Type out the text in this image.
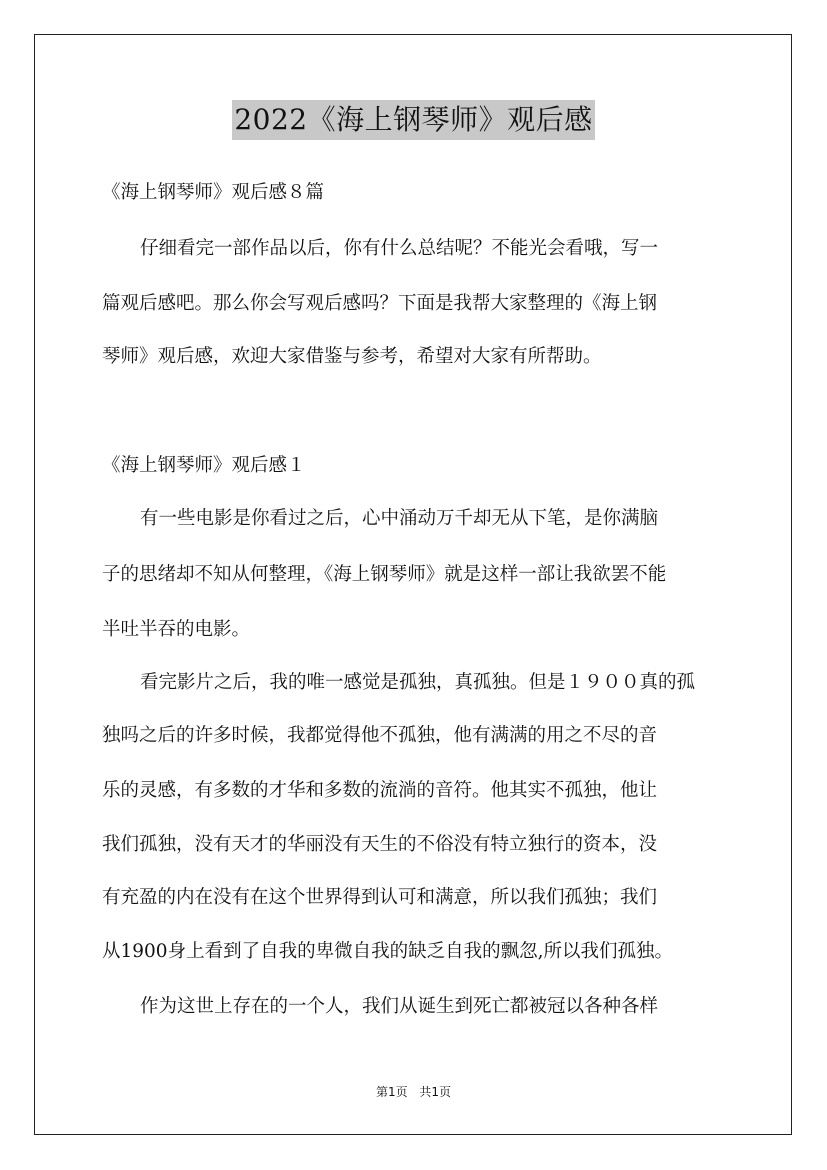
2022《海上钢琴师》观后感
《海上钢琴师》观后感８篇
仔细看完一部作品以后，你有什么总结呢？不能光会看哦，写一
篇观后感吧。那么你会写观后感吗？下面是我帮大家整理的《海上钢
琴师》观后感，欢迎大家借鉴与参考，希望对大家有所帮助。
《海上钢琴师》观后感１
有一些电影是你看过之后，心中涌动万千却无从下笔，是你满脑
子的思绪却不知从何整理，《海上钢琴师》就是这样一部让我欲罢不能
半吐半吞的电影。
看完影片之后，我的唯一感觉是孤独，真孤独。但是１９００真的孤
独吗之后的许多时候，我都觉得他不孤独，他有满满的用之不尽的音
乐的灵感，有多数的才华和多数的流淌的音符。他其实不孤独，他让
我们孤独，没有天才的华丽没有天生的不俗没有特立独行的资本，没
有充盈的内在没有在这个世界得到认可和满意，所以我们孤独；我们
从1900身上看到了自我的卑微自我的缺乏自我的飘忽,所以我们孤独。
作为这世上存在的一个人，我们从诞生到死亡都被冠以各种各样
第1页 共1页
